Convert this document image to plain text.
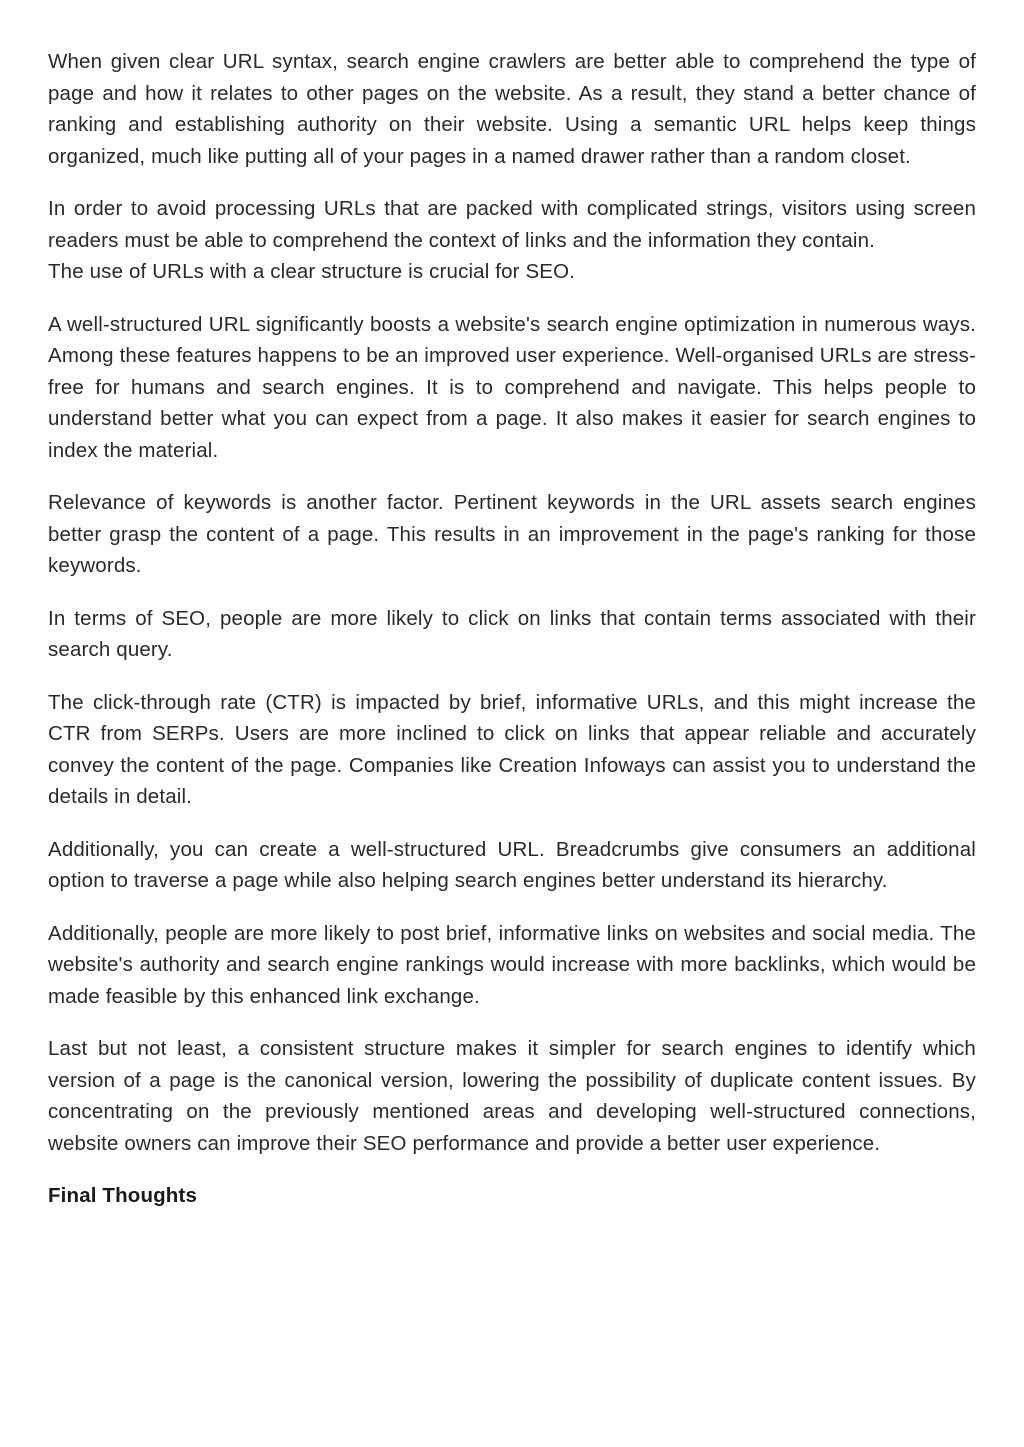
When given clear URL syntax, search engine crawlers are better able to comprehend the type of page and how it relates to other pages on the website. As a result, they stand a better chance of ranking and establishing authority on their website. Using a semantic URL helps keep things organized, much like putting all of your pages in a named drawer rather than a random closet.

In order to avoid processing URLs that are packed with complicated strings, visitors using screen readers must be able to comprehend the context of links and the information they contain.

The use of URLs with a clear structure is crucial for SEO.

A well-structured URL significantly boosts a website's search engine optimization in numerous ways. Among these features happens to be an improved user experience. Well-organised URLs are stress-free for humans and search engines. It is to comprehend and navigate. This helps people to understand better what you can expect from a page. It also makes it easier for search engines to index the material.

Relevance of keywords is another factor. Pertinent keywords in the URL assets search engines better grasp the content of a page. This results in an improvement in the page's ranking for those keywords.

In terms of SEO, people are more likely to click on links that contain terms associated with their search query.

The click-through rate (CTR) is impacted by brief, informative URLs, and this might increase the CTR from SERPs. Users are more inclined to click on links that appear reliable and accurately convey the content of the page. Companies like Creation Infoways can assist you to understand the details in detail.

Additionally, you can create a well-structured URL. Breadcrumbs give consumers an additional option to traverse a page while also helping search engines better understand its hierarchy.

Additionally, people are more likely to post brief, informative links on websites and social media. The website's authority and search engine rankings would increase with more backlinks, which would be made feasible by this enhanced link exchange.

Last but not least, a consistent structure makes it simpler for search engines to identify which version of a page is the canonical version, lowering the possibility of duplicate content issues. By concentrating on the previously mentioned areas and developing well-structured connections, website owners can improve their SEO performance and provide a better user experience.

Final Thoughts
